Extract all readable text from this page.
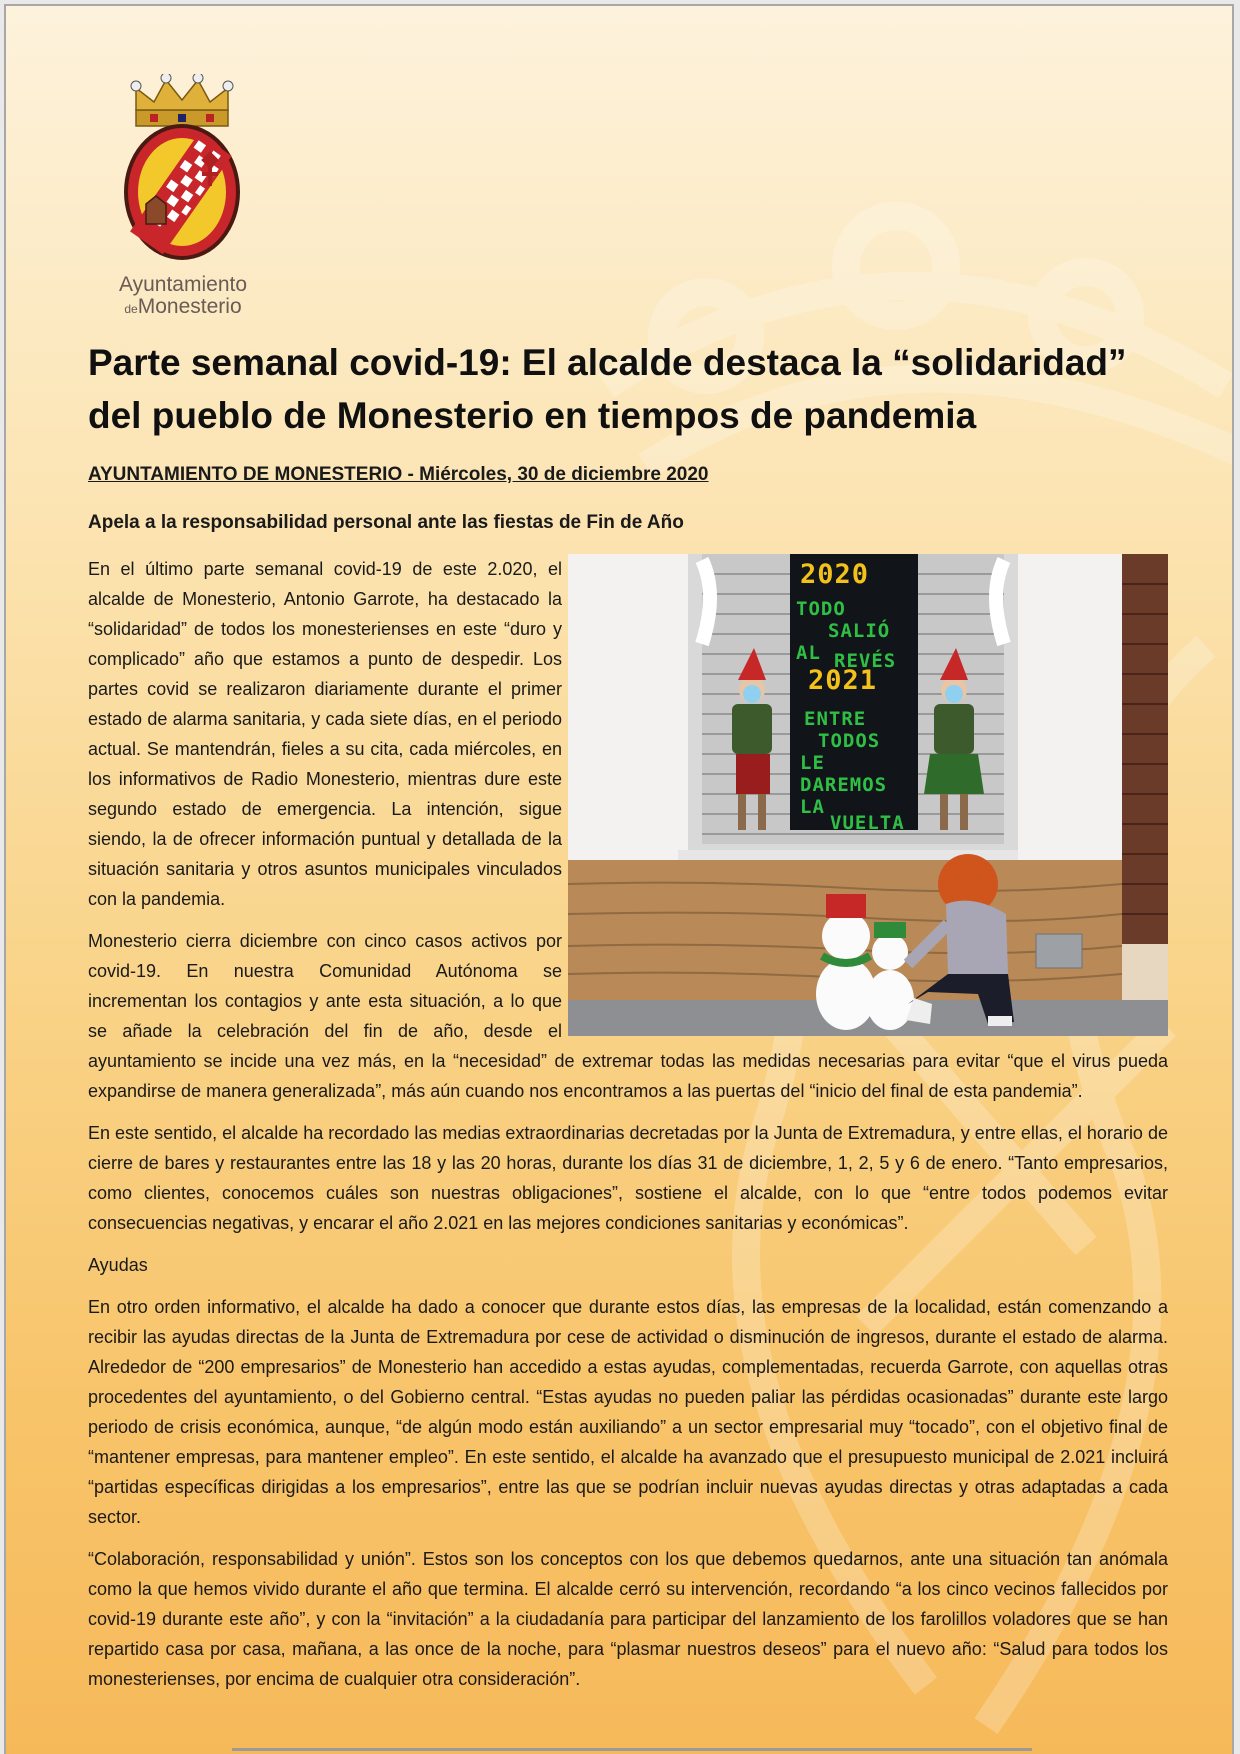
Ayuntamiento
deMonesterio
Parte semanal covid-19: El alcalde destaca la “solidaridad” del pueblo de Monesterio en tiempos de pandemia
AYUNTAMIENTO DE MONESTERIO - Miércoles, 30 de diciembre 2020
Apela a la responsabilidad personal ante las fiestas de Fin de Año
2020
TODO
SALIÓ
AL REVÉS
2021
ENTRE
TODOS
LE
DAREMOS
LA
VUELTA

En el último parte semanal covid-19 de este 2.020, el alcalde de Monesterio, Antonio Garrote, ha destacado la “solidaridad” de todos los monesterienses en este “duro y complicado” año que estamos a punto de despedir. Los partes covid se realizaron diariamente durante el primer estado de alarma sanitaria, y cada siete días, en el periodo actual. Se mantendrán, fieles a su cita, cada miércoles, en los informativos de Radio Monesterio, mientras dure este segundo estado de emergencia. La intención, sigue siendo, la de ofrecer información puntual y detallada de la situación sanitaria y otros asuntos municipales vinculados con la pandemia.

Monesterio cierra diciembre con cinco casos activos por covid-19. En nuestra Comunidad Autónoma se incrementan los contagios y ante esta situación, a lo que se añade la celebración del fin de año, desde el ayuntamiento se incide una vez más, en la “necesidad” de extremar todas las medidas necesarias para evitar “que el virus pueda expandirse de manera generalizada”, más aún cuando nos encontramos a las puertas del “inicio del final de esta pandemia”.

En este sentido, el alcalde ha recordado las medias extraordinarias decretadas por la Junta de Extremadura, y entre ellas, el horario de cierre de bares y restaurantes entre las 18 y las 20 horas, durante los días 31 de diciembre, 1, 2, 5 y 6 de enero. “Tanto empresarios, como clientes, conocemos cuáles son nuestras obligaciones”, sostiene el alcalde, con lo que “entre todos podemos evitar consecuencias negativas, y encarar el año 2.021 en las mejores condiciones sanitarias y económicas”.

Ayudas

En otro orden informativo, el alcalde ha dado a conocer que durante estos días, las empresas de la localidad, están comenzando a recibir las ayudas directas de la Junta de Extremadura por cese de actividad o disminución de ingresos, durante el estado de alarma. Alrededor de “200 empresarios” de Monesterio han accedido a estas ayudas, complementadas, recuerda Garrote, con aquellas otras procedentes del ayuntamiento, o del Gobierno central. “Estas ayudas no pueden paliar las pérdidas ocasionadas” durante este largo periodo de crisis económica, aunque, “de algún modo están auxiliando” a un sector empresarial muy “tocado”, con el objetivo final de “mantener empresas, para mantener empleo”. En este sentido, el alcalde ha avanzado que el presupuesto municipal de 2.021 incluirá “partidas específicas dirigidas a los empresarios”, entre las que se podrían incluir nuevas ayudas directas y otras adaptadas a cada sector.

“Colaboración, responsabilidad y unión”. Estos son los conceptos con los que debemos quedarnos, ante una situación tan anómala como la que hemos vivido durante el año que termina. El alcalde cerró su intervención, recordando “a los cinco vecinos fallecidos por covid-19 durante este año”, y con la “invitación” a la ciudadanía para participar del lanzamiento de los farolillos voladores que se han repartido casa por casa, mañana, a las once de la noche, para “plasmar nuestros deseos” para el nuevo año: “Salud para todos los monesterienses, por encima de cualquier otra consideración”.
